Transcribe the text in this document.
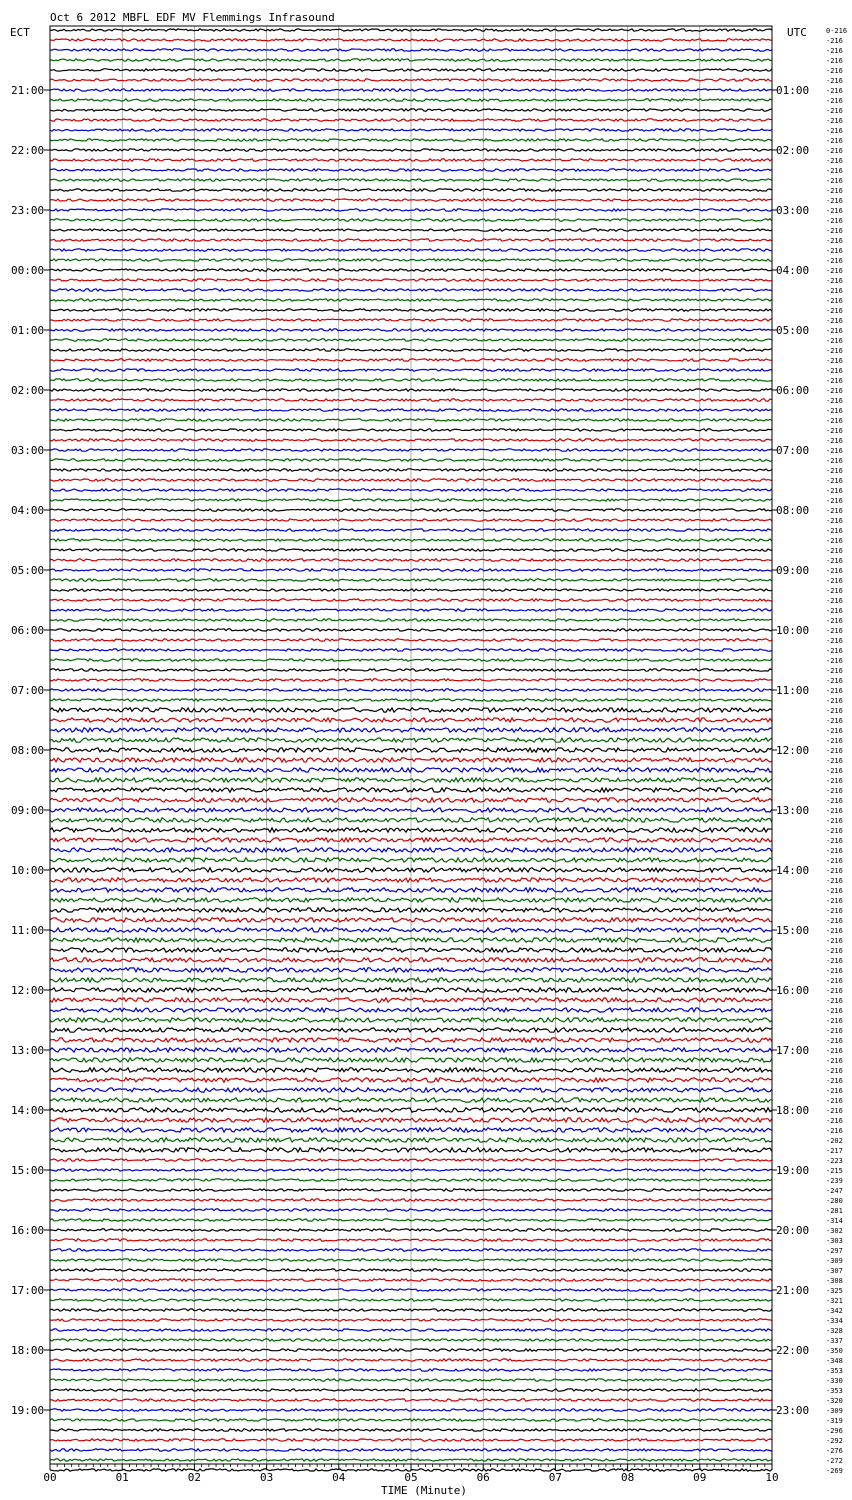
00	01	02	03	04	05	06	07	08	09	10
21:00
22:00
23:00
00:00
01:00
02:00
03:00
04:00
05:00
06:00
07:00
08:00
09:00
10:00
11:00
12:00
13:00
14:00
15:00
16:00
17:00
18:00
19:00
01:00
02:00
03:00
04:00
05:00
06:00
07:00
08:00
09:00
10:00
11:00
12:00
13:00
14:00
15:00
16:00
17:00
18:00
19:00
20:00
21:00
22:00
23:00
0-216
-216
-216
-216
-216
-216
-216
-216
-216
-216
-216
-216
-216
-216
-216
-216
-216
-216
-216
-216
-216
-216
-216
-216
-216
-216
-216
-216
-216
-216
-216
-216
-216
-216
-216
-216
-216
-216
-216
-216
-216
-216
-216
-216
-216
-216
-216
-216
-216
-216
-216
-216
-216
-216
-216
-216
-216
-216
-216
-216
-216
-216
-216
-216
-216
-216
-216
-216
-216
-216
-216
-216
-216
-216
-216
-216
-216
-216
-216
-216
-216
-216
-216
-216
-216
-216
-216
-216
-216
-216
-216
-216
-216
-216
-216
-216
-216
-216
-216
-216
-216
-216
-216
-216
-216
-216
-216
-216
-216
-216
-216
-202
-217
-223
-215
-239
-247
-280
-281
-314
-302
-303
-297
-309
-307
-308
-325
-321
-342
-334
-328
-337
-350
-348
-353
-330
-353
-320
-309
-319
-296
-292
-276
-272
-269
Oct 6 2012 MBFL EDF MV Flemmings Infrasound
ECT	UTC
TIME (Minute)
